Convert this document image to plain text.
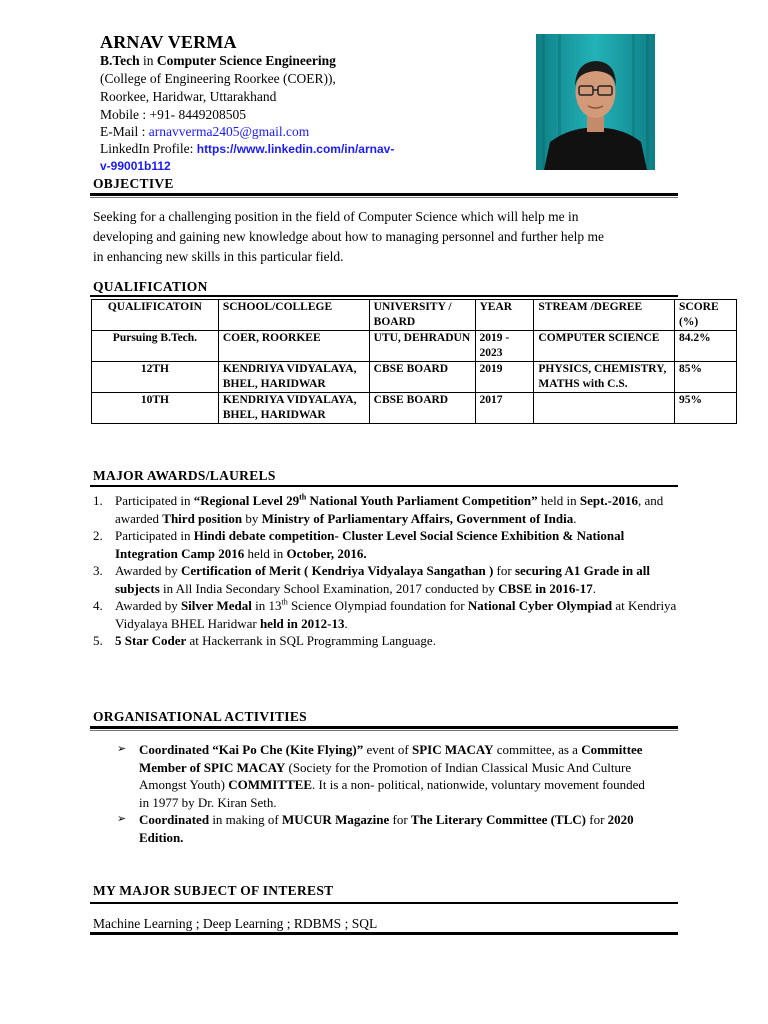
ARNAV VERMA
B.Tech in Computer Science Engineering
(College of Engineering Roorkee (COER)),
Roorkee, Haridwar, Uttarakhand
Mobile : +91- 8449208505
E-Mail : arnavverma2405@gmail.com
LinkedIn Profile: https://www.linkedin.com/in/arnav-
v-99001b112
OBJECTIVE
Seeking for a challenging position in the field of Computer Science which will help me in
developing and gaining new knowledge about how to managing personnel and further help me
in enhancing new skills in this particular field.
QUALIFICATION
QUALIFICATOIN	SCHOOL/COLLEGE	UNIVERSITY / BOARD	YEAR	STREAM /DEGREE	SCORE (%)
Pursuing B.Tech.	COER, ROORKEE	UTU, DEHRADUN	2019 - 2023	COMPUTER SCIENCE	84.2%
12TH	KENDRIYA VIDYALAYA, BHEL, HARIDWAR	CBSE BOARD	2019	PHYSICS, CHEMISTRY, MATHS with C.S.	85%
10TH	KENDRIYA VIDYALAYA, BHEL, HARIDWAR	CBSE BOARD	2017		95%
MAJOR AWARDS/LAURELS
1. Participated in “Regional Level 29th National Youth Parliament Competition” held in Sept.-2016, and awarded Third position by Ministry of Parliamentary Affairs, Government of India.
2. Participated in Hindi debate competition- Cluster Level Social Science Exhibition & National Integration Camp 2016 held in October, 2016.
3. Awarded by Certification of Merit ( Kendriya Vidyalaya Sangathan ) for securing A1 Grade in all subjects in All India Secondary School Examination, 2017 conducted by CBSE in 2016-17.
4. Awarded by Silver Medal in 13th Science Olympiad foundation for National Cyber Olympiad at Kendriya Vidyalaya BHEL Haridwar held in 2012-13.
5. 5 Star Coder at Hackerrank in SQL Programming Language.
ORGANISATIONAL ACTIVITIES
➢ Coordinated “Kai Po Che (Kite Flying)” event of SPIC MACAY committee, as a Committee Member of SPIC MACAY (Society for the Promotion of Indian Classical Music And Culture Amongst Youth) COMMITTEE. It is a non- political, nationwide, voluntary movement founded in 1977 by Dr. Kiran Seth.
➢ Coordinated in making of MUCUR Magazine for The Literary Committee (TLC) for 2020 Edition.
MY MAJOR SUBJECT OF INTEREST
Machine Learning ; Deep Learning ; RDBMS ; SQL
